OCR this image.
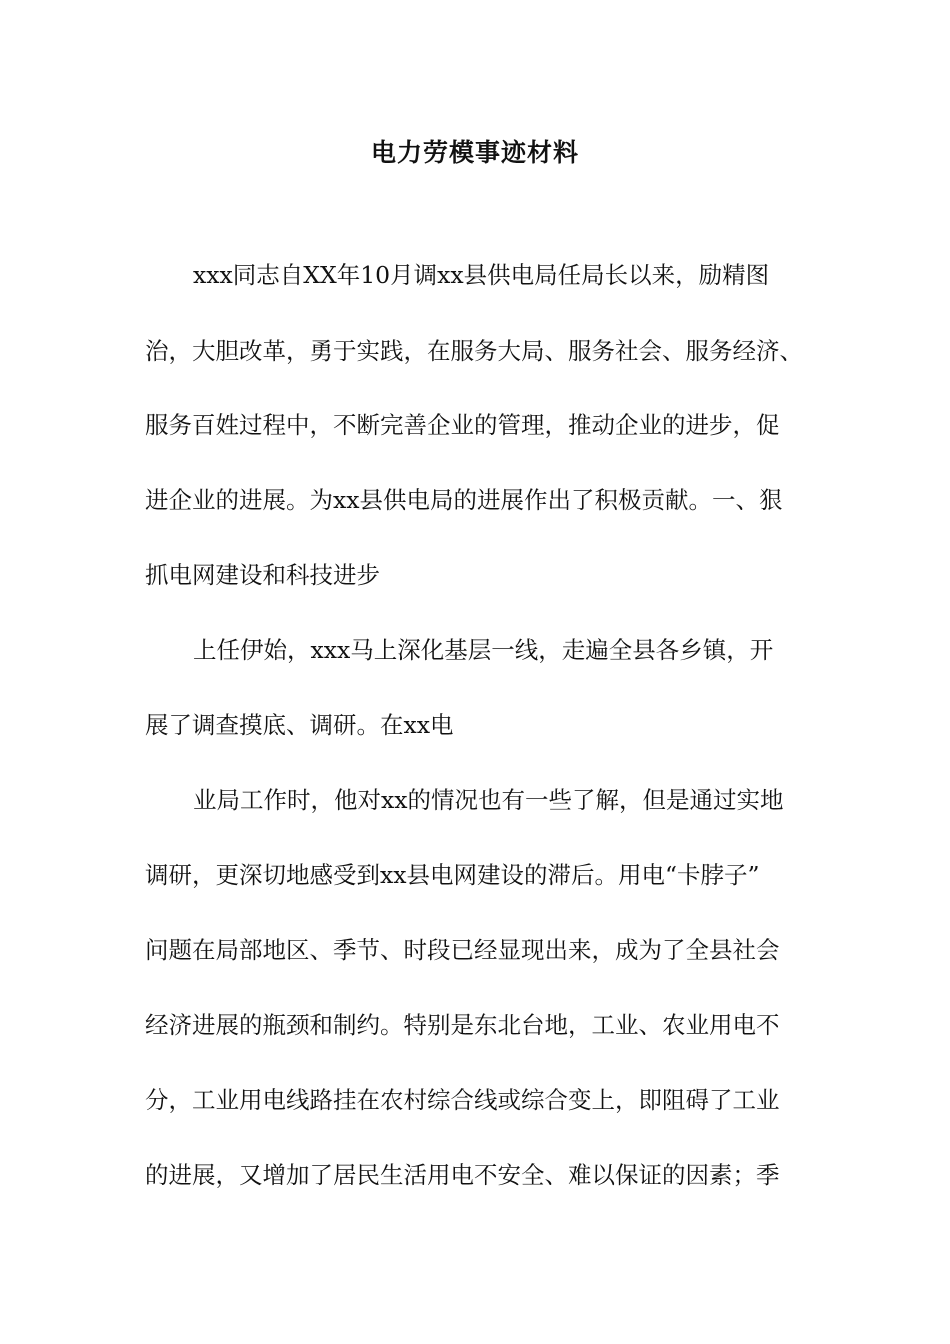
电力劳模事迹材料

xxx同志自XX年10月调xx县供电局任局长以来，励精图

治，大胆改革，勇于实践，在服务大局、服务社会、服务经济、

服务百姓过程中，不断完善企业的管理，推动企业的进步，促

进企业的进展。为xx县供电局的进展作出了积极贡献。一、狠

抓电网建设和科技进步

上任伊始，xxx马上深化基层一线，走遍全县各乡镇，开

展了调查摸底、调研。在xx电

业局工作时，他对xx的情况也有一些了解，但是通过实地

调研，更深切地感受到xx县电网建设的滞后。用电“卡脖子”

问题在局部地区、季节、时段已经显现出来，成为了全县社会

经济进展的瓶颈和制约。特别是东北台地，工业、农业用电不

分，工业用电线路挂在农村综合线或综合变上，即阻碍了工业

的进展，又增加了居民生活用电不安全、难以保证的因素；季
